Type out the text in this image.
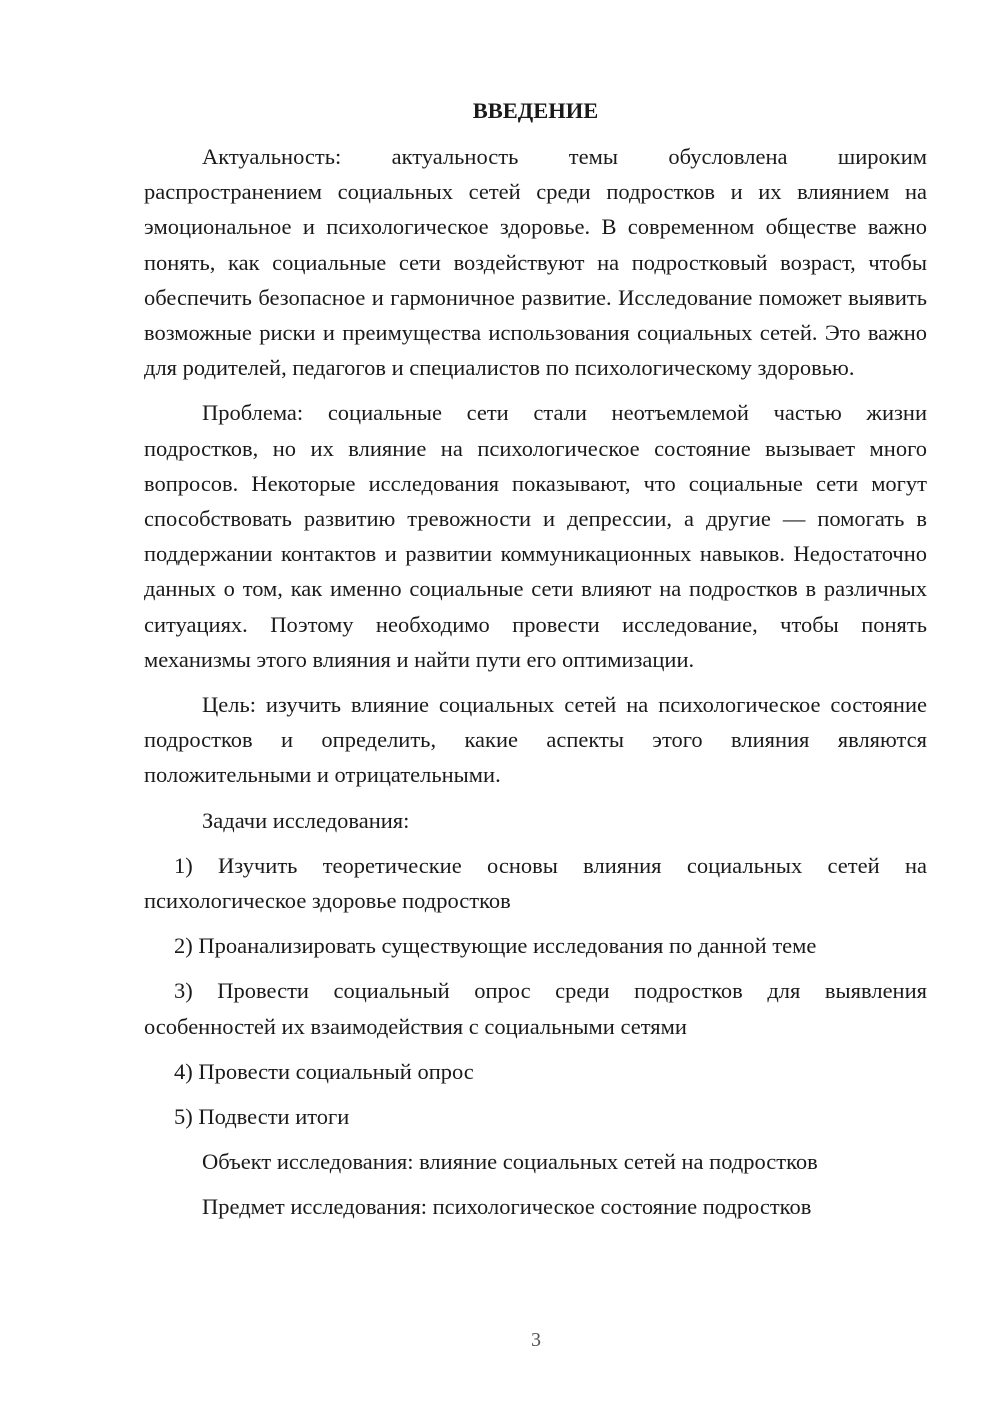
ВВЕДЕНИЕ

Актуальность: актуальность темы обусловлена широким распространением социальных сетей среди подростков и их влиянием на эмоциональное и психологическое здоровье. В современном обществе важно понять, как социальные сети воздействуют на подростковый возраст, чтобы обеспечить безопасное и гармоничное развитие. Исследование поможет выявить возможные риски и преимущества использования социальных сетей. Это важно для родителей, педагогов и специалистов по психологическому здоровью.

Проблема: социальные сети стали неотъемлемой частью жизни подростков, но их влияние на психологическое состояние вызывает много вопросов. Некоторые исследования показывают, что социальные сети могут способствовать развитию тревожности и депрессии, а другие — помогать в поддержании контактов и развитии коммуникационных навыков. Недостаточно данных о том, как именно социальные сети влияют на подростков в различных ситуациях. Поэтому необходимо провести исследование, чтобы понять механизмы этого влияния и найти пути его оптимизации.

Цель: изучить влияние социальных сетей на психологическое состояние подростков и определить, какие аспекты этого влияния являются положительными и отрицательными.

Задачи исследования:

1) Изучить теоретические основы влияния социальных сетей на психологическое здоровье подростков

2) Проанализировать существующие исследования по данной теме

3) Провести социальный опрос среди подростков для выявления особенностей их взаимодействия с социальными сетями

4) Провести социальный опрос

5) Подвести итоги

Объект исследования: влияние социальных сетей на подростков

Предмет исследования: психологическое состояние подростков

3
